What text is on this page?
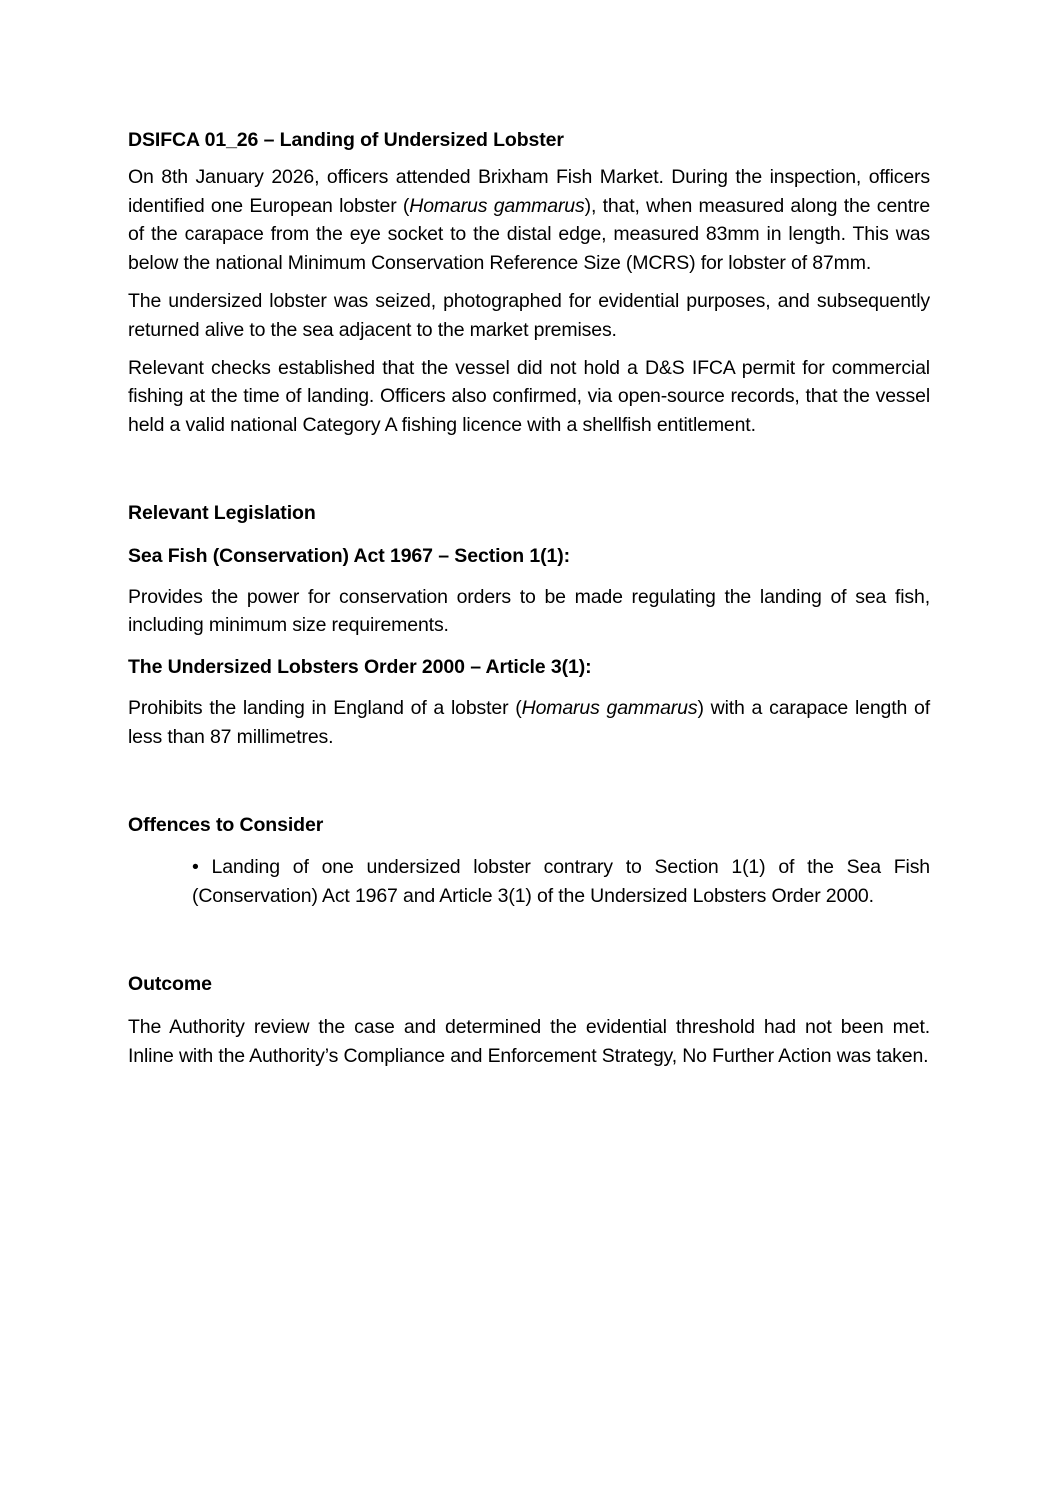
DSIFCA 01_26 – Landing of Undersized Lobster

On 8th January 2026, officers attended Brixham Fish Market. During the inspection, officers identified one European lobster (Homarus gammarus), that, when measured along the centre of the carapace from the eye socket to the distal edge, measured 83mm in length. This was below the national Minimum Conservation Reference Size (MCRS) for lobster of 87mm.

The undersized lobster was seized, photographed for evidential purposes, and subsequently returned alive to the sea adjacent to the market premises.

Relevant checks established that the vessel did not hold a D&S IFCA permit for commercial fishing at the time of landing. Officers also confirmed, via open-source records, that the vessel held a valid national Category A fishing licence with a shellfish entitlement.

Relevant Legislation

Sea Fish (Conservation) Act 1967 – Section 1(1):

Provides the power for conservation orders to be made regulating the landing of sea fish, including minimum size requirements.

The Undersized Lobsters Order 2000 – Article 3(1):

Prohibits the landing in England of a lobster (Homarus gammarus) with a carapace length of less than 87 millimetres.

Offences to Consider

• Landing of one undersized lobster contrary to Section 1(1) of the Sea Fish (Conservation) Act 1967 and Article 3(1) of the Undersized Lobsters Order 2000.

Outcome

The Authority review the case and determined the evidential threshold had not been met.  Inline with the Authority’s Compliance and Enforcement Strategy, No Further Action was taken.
